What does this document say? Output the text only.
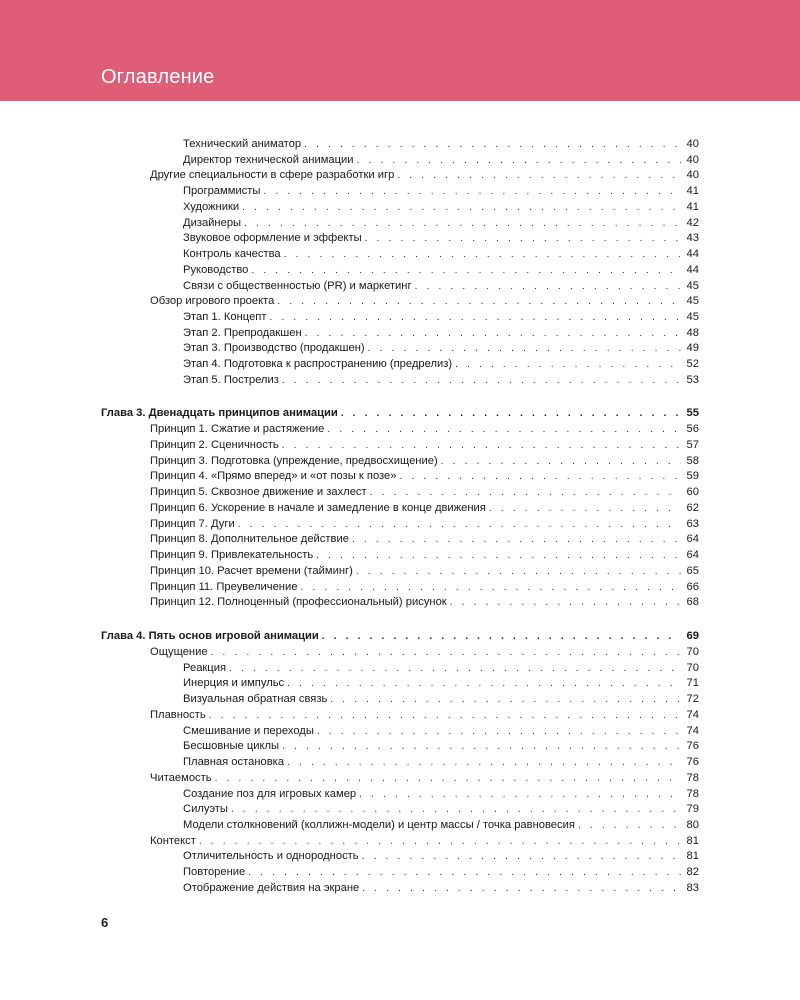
Оглавление
Технический аниматор . . .	40
Директор технической анимации . . .	40
Другие специальности в сфере разработки игр . . .	40
Программисты . . .	41
Художники . . .	41
Дизайнеры . . .	42
Звуковое оформление и эффекты . . .	43
Контроль качества . . .	44
Руководство . . .	44
Связи с общественностью (PR) и маркетинг . . .	45
Обзор игрового проекта . . .	45
Этап 1. Концепт . . .	45
Этап 2. Препродакшен . . .	48
Этап 3. Производство (продакшен) . . .	49
Этап 4. Подготовка к распространению (предрелиз) . . .	52
Этап 5. Пострелиз . . .	53
Глава 3. Двенадцать принципов анимации . . .	55
Принцип 1. Сжатие и растяжение . . .	56
Принцип 2. Сценичность . . .	57
Принцип 3. Подготовка (упреждение, предвосхищение) . . .	58
Принцип 4. «Прямо вперед» и «от позы к позе» . . .	59
Принцип 5. Сквозное движение и захлест . . .	60
Принцип 6. Ускорение в начале и замедление в конце движения . . .	62
Принцип 7. Дуги . . .	63
Принцип 8. Дополнительное действие . . .	64
Принцип 9. Привлекательность . . .	64
Принцип 10. Расчет времени (тайминг) . . .	65
Принцип 11. Преувеличение . . .	66
Принцип 12. Полноценный (профессиональный) рисунок . . .	68
Глава 4. Пять основ игровой анимации . . .	69
Ощущение . . .	70
Реакция . . .	70
Инерция и импульс . . .	71
Визуальная обратная связь . . .	72
Плавность . . .	74
Смешивание и переходы . . .	74
Бесшовные циклы . . .	76
Плавная остановка . . .	76
Читаемость . . .	78
Создание поз для игровых камер . . .	78
Силуэты . . .	79
Модели столкновений (коллижн-модели) и центр массы / точка равновесия . . .	80
Контекст . . .	81
Отличительность и однородность . . .	81
Повторение . . .	82
Отображение действия на экране . . .	83
6
